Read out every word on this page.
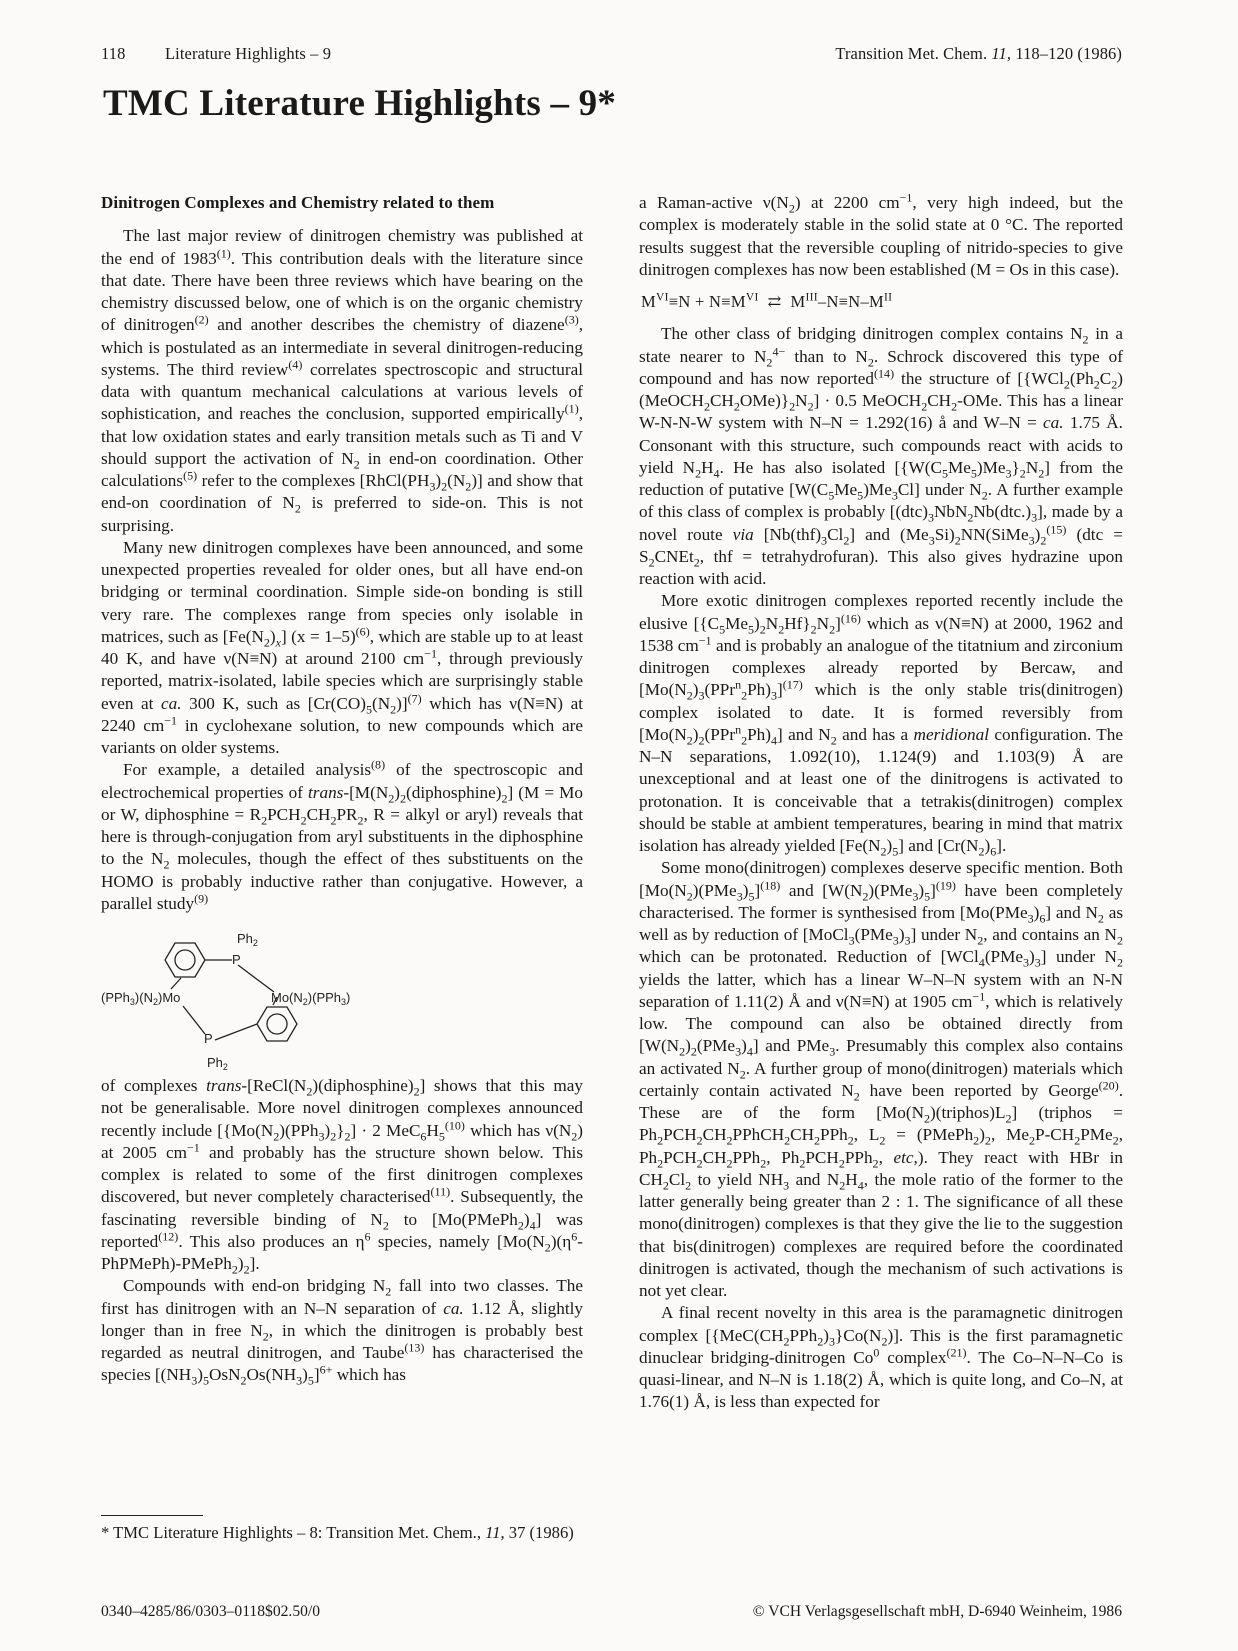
118 Literature Highlights – 9	Transition Met. Chem. 11, 118–120 (1986)
TMC Literature Highlights – 9*
Dinitrogen Complexes and Chemistry related to them

The last major review of dinitrogen chemistry was published at the end of 1983$^{(1)}$. This contribution deals with the literature since that date. There have been three reviews which have bearing on the chemistry discussed below, one of which is on the organic chemistry of dinitrogen$^{(2)}$ and another describes the chemistry of diazene$^{(3)}$, which is postulated as an intermediate in several dinitrogen-reducing systems. The third review$^{(4)}$ correlates spectroscopic and structural data with quantum mechanical calculations at various levels of sophistication, and reaches the conclusion, supported empirically$^{(1)}$, that low oxidation states and early transition metals such as Ti and V should support the activation of $N_2$ in end-on coordination. Other calculations$^{(5)}$ refer to the complexes $[RhCl(PH_3)_2(N_2)]$ and show that end-on coordination of $N_2$ is preferred to side-on. This is not surprising.

Many new dinitrogen complexes have been announced, and some unexpected properties revealed for older ones, but all have end-on bridging or terminal coordination. Simple side-on bonding is still very rare. The complexes range from species only isolable in matrices, such as $[Fe(N_2)_x] (x = 1-5)^{(6)}$, which are stable up to at least 40 K, and have ν(N≡N) at around 2100 $cm^{-1}$, through previously reported, matrix-isolated, labile species which are surprisingly stable even at ca. 300 K, such as $[Cr(CO)_5(N_2)]^{(7)}$ which has ν(N≡N) at 2240 $cm^{-1}$ in cyclohexane solution, to new compounds which are variants on older systems.

For example, a detailed analysis$^{(8)}$ of the spectroscopic and electrochemical properties of trans-$[M(N_2)_2(diphosphine)_2] (M = Mo$ or W, diphosphine = $R_2PCH_2CH_2PR_2$, R = alkyl or aryl) reveals that here is through-conjugation from aryl substituents in the diphosphine to the $N_2$ molecules, though the effect of thes substituents on the HOMO is probably inductive rather than conjugative. However, a parallel study$^{(9)}$

$Ph_2$
P
$(PPh_3)(N_2)Mo$	$Mo(N_2)(PPh_3)$
P
$Ph_2$

of complexes trans-$[ReCl(N_2)(diphosphine)_2]$ shows that this may not be generalisable. More novel dinitrogen complexes announced recently include $[\{Mo(N_2)(PPh_3)_2\}_2] \cdot 2$ $MeC_6H_5^{(10)}$ which has $\nu(N_2)$ at 2005 $cm^{-1}$ and probably has the structure shown below. This complex is related to some of the first dinitrogen complexes discovered, but never completely characterised$^{(11)}$. Subsequently, the fascinating reversible binding of $N_2$ to $[Mo(PMePh_2)_4]$ was reported$^{(12)}$. This also produces an $\eta^6$ species, namely $[Mo(N_2)(\eta^6-PhPMePh)-PMePh_2)_2$].

Compounds with end-on bridging $N_2$ fall into two classes. The first has dinitrogen with an N–N separation of ca. 1.12 Å, slightly longer than in free $N_2$, in which the dinitrogen is probably best regarded as neutral dinitrogen, and Taube$^{(13)}$ has characterised the species $[(NH_3)_5OsN_2Os(NH_3)_5]^{6+}$ which has

a Raman-active $\nu(N_2)$ at 2200 $cm^{-1}$, very high indeed, but the complex is moderately stable in the solid state at 0 °C. The reported results suggest that the reversible coupling of nitrido-species to give dinitrogen complexes has now been established (M = Os in this case).

$M^{VI}\equiv N + N\equiv M^{VI}$  ⇄  $M^{III}-N\equiv N-M^{II}$

The other class of bridging dinitrogen complex contains $N_2$ in a state nearer to $N_2^{4-}$ than to $N_2$. Schrock discovered this type of compound and has now reported$^{(14)}$ the structure of $[\{WCl_2(Ph_2C_2)(MeOCH_2CH_2OMe)\}_2N_2] \cdot 0.5$ $MeOCH_2CH_2$-OMe. This has a linear W-N-N-W system with N–N = 1.292(16) å and W–N = ca. 1.75 Å. Consonant with this structure, such compounds react with acids to yield $N_2H_4$. He has also isolated $[\{W(C_5Me_5)Me_3\}_2N_2]$ from the reduction of putative $[W(C_5Me_5)Me_3Cl]$ under $N_2$. A further example of this class of complex is probably $[(dtc)_3NbN_2Nb(dtc.)_3]$, made by a novel route via $[Nb(thf)_3Cl_2]$ and $(Me_3Si)_2NN(SiMe_3)_2^{(15)}$ ($dtc = S_2CNEt_2$, thf = tetrahydrofuran). This also gives hydrazine upon reaction with acid.

More exotic dinitrogen complexes reported recently include the elusive $[\{C_5Me_5)_2N_2Hf\}_2N_2]^{(16)}$ which as ν(N≡N) at 2000, 1962 and 1538 $cm^{-1}$ and is probably an analogue of the titatnium and zirconium dinitrogen complexes already reported by Bercaw, and $[Mo(N_2)_3(PPr^n_2Ph)_3]^{(17)}$ which is the only stable tris(dinitrogen) complex isolated to date. It is formed reversibly from $[Mo(N_2)_2(PPr^n_2Ph)_4]$ and $N_2$ and has a meridional configuration. The N–N separations, 1.092(10), 1.124(9) and 1.103(9) Å are unexceptional and at least one of the dinitrogens is activated to protonation. It is conceivable that a tetrakis(dinitrogen) complex should be stable at ambient temperatures, bearing in mind that matrix isolation has already yielded $[Fe(N_2)_5]$ and $[Cr(N_2)_6]$.

Some mono(dinitrogen) complexes deserve specific mention. Both $[Mo(N_2)(PMe_3)_5]^{(18)}$ and $[W(N_2)(PMe_3)_5]^{(19)}$ have been completely characterised. The former is synthesised from $[Mo(PMe_3)_6]$ and $N_2$ as well as by reduction of $[MoCl_3(PMe_3)_3]$ under $N_2$, and contains an $N_2$ which can be protonated. Reduction of $[WCl_4(PMe_3)_3]$ under $N_2$ yields the latter, which has a linear W–N–N system with an N-N separation of 1.11(2) Å and ν(N≡N) at 1905 $cm^{-1}$, which is relatively low. The compound can also be obtained directly from $[W(N_2)_2(PMe_3)_4]$ and PMe$_3$. Presumably this complex also contains an activated $N_2$. A further group of mono(dinitrogen) materials which certainly contain activated $N_2$ have been reported by George$^{(20)}$. These are of the form $[Mo(N_2)(triphos)L_2]$ (triphos = $Ph_2PCH_2CH_2PPhCH_2CH_2PPh_2$, $L_2$ = $(PMePh_2)_2$, $Me_2P-CH_2PMe_2$, $Ph_2PCH_2CH_2PPh_2$, $Ph_2PCH_2PPh_2$, etc,). They react with HBr in $CH_2Cl_2$ to yield $NH_3$ and $N_2H_4$, the mole ratio of the former to the latter generally being greater than 2 : 1. The significance of all these mono(dinitrogen) complexes is that they give the lie to the suggestion that bis(dinitrogen) complexes are required before the coordinated dinitrogen is activated, though the mechanism of such activations is not yet clear.

A final recent novelty in this area is the paramagnetic dinitrogen complex $[\{MeC(CH_2PPh_2)_3\}Co(N_2)]$. This is the first paramagnetic dinuclear bridging-dinitrogen Co$^0$ complex$^{(21)}$. The Co–N–N–Co is quasi-linear, and N–N is 1.18(2) Å, which is quite long, and Co–N, at 1.76(1) Å, is less than expected for

* TMC Literature Highlights – 8: Transition Met. Chem., 11, 37 (1986)
0340–4285/86/0303–0118$02.50/0	© VCH Verlagsgesellschaft mbH, D-6940 Weinheim, 1986
